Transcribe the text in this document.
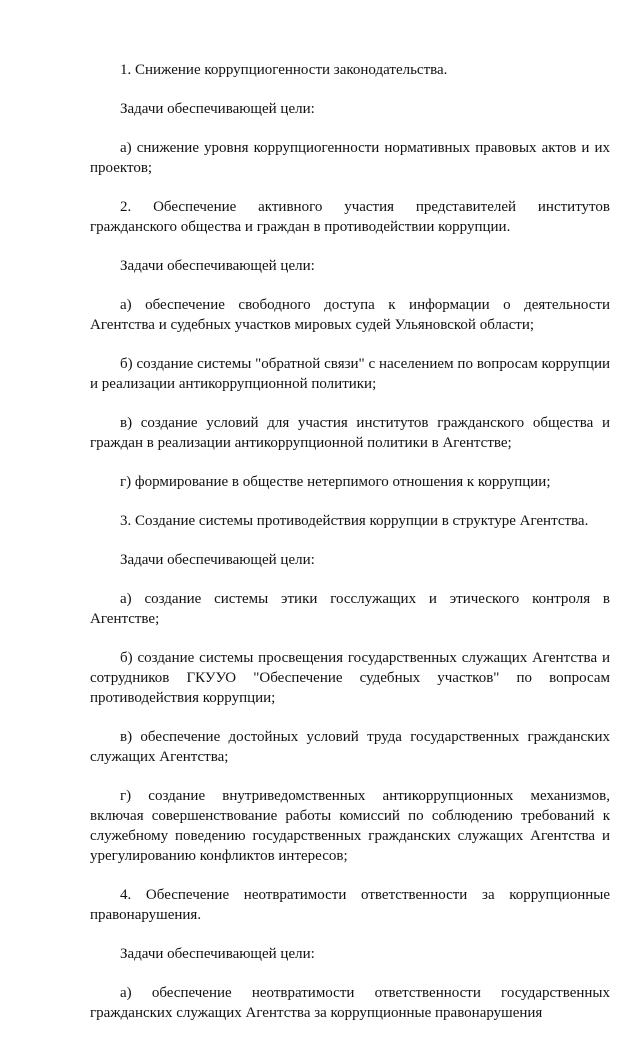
1. Снижение коррупциогенности законодательства.

Задачи обеспечивающей цели:

а) снижение уровня коррупциогенности нормативных правовых актов и их проектов;

2. Обеспечение активного участия представителей институтов гражданского общества и граждан в противодействии коррупции.

Задачи обеспечивающей цели:

а) обеспечение свободного доступа к информации о деятельности Агентства и судебных участков мировых судей Ульяновской области;

б) создание системы "обратной связи" с населением по вопросам коррупции и реализации антикоррупционной политики;

в) создание условий для участия институтов гражданского общества и граждан в реализации антикоррупционной политики в Агентстве;

г) формирование в обществе нетерпимого отношения к коррупции;

3. Создание системы противодействия коррупции в структуре Агентства.

Задачи обеспечивающей цели:

а) создание системы этики госслужащих и этического контроля в Агентстве;

б) создание системы просвещения государственных служащих Агентства и сотрудников ГКУУО "Обеспечение судебных участков" по вопросам противодействия коррупции;

в) обеспечение достойных условий труда государственных гражданских служащих Агентства;

г) создание внутриведомственных антикоррупционных механизмов, включая совершенствование работы комиссий по соблюдению требований к служебному поведению государственных гражданских служащих Агентства и урегулированию конфликтов интересов;

4. Обеспечение неотвратимости ответственности за коррупционные правонарушения.

Задачи обеспечивающей цели:

а) обеспечение неотвратимости ответственности государственных гражданских служащих Агентства за коррупционные правонарушения
